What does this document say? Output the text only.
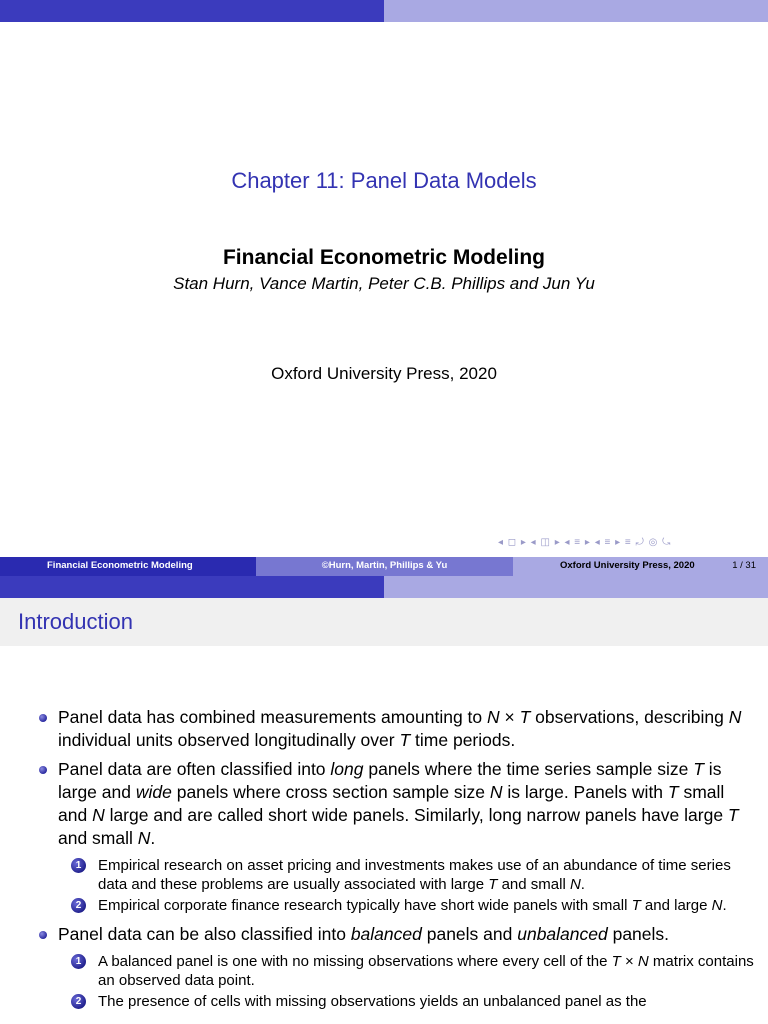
Chapter 11: Panel Data Models
Financial Econometric Modeling
Stan Hurn, Vance Martin, Peter C.B. Phillips and Jun Yu
Oxford University Press, 2020
◂ ◻ ▸ ◂ ◫ ▸ ◂ ≡ ▸ ◂ ≡ ▸ ≡ ⤾ ◎ ⤿
Financial Econometric Modeling	©Hurn, Martin, Phillips & Yu	Oxford University Press, 2020	1 / 31
Introduction
Panel data has combined measurements amounting to N × T observations, describing N individual units observed longitudinally over T time periods.
Panel data are often classified into long panels where the time series sample size T is large and wide panels where cross section sample size N is large. Panels with T small and N large and are called short wide panels. Similarly, long narrow panels have large T and small N.
1	Empirical research on asset pricing and investments makes use of an abundance of time series data and these problems are usually associated with large T and small N.
2	Empirical corporate finance research typically have short wide panels with small T and large N.
Panel data can be also classified into balanced panels and unbalanced panels.
1	A balanced panel is one with no missing observations where every cell of the T × N matrix contains an observed data point.
2	The presence of cells with missing observations yields an unbalanced panel as the
